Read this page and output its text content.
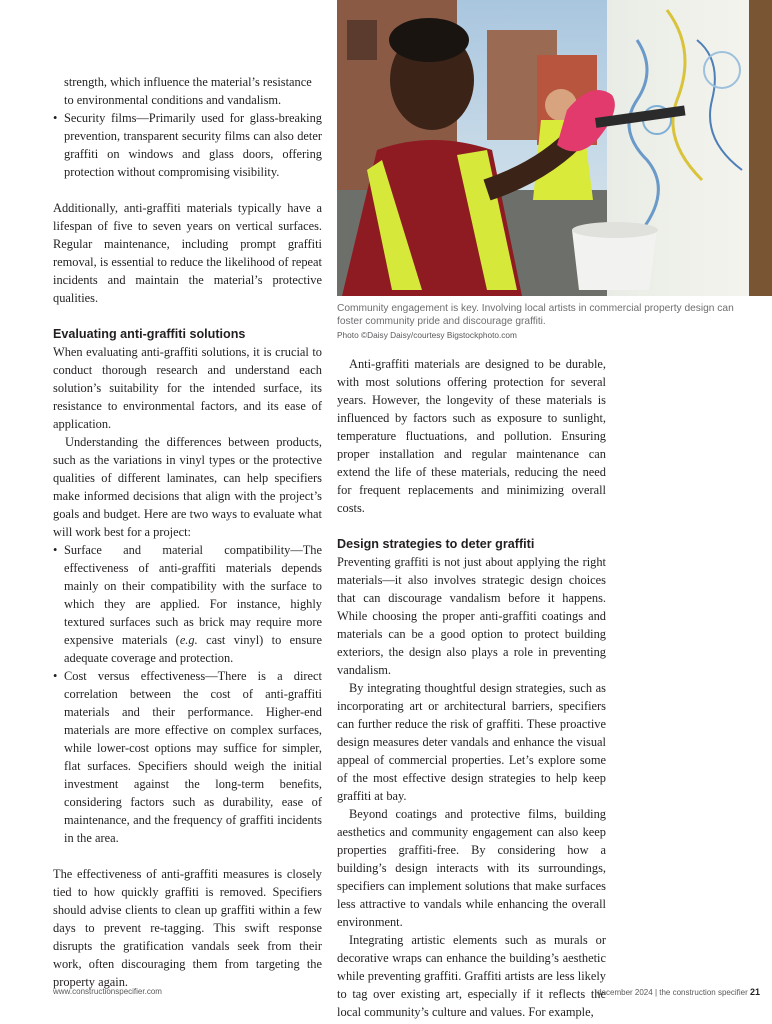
Community engagement is key. Involving local artists in commercial property design can foster community pride and discourage graffiti.
Photo ©Daisy Daisy/courtesy Bigstockphoto.com

strength, which influence the material’s resistance

to environmental conditions and vandalism.

• Security films—Primarily used for glass-breaking prevention, transparent security films can also deter graffiti on windows and glass doors, offering protection without compromising visibility.

Additionally, anti-graffiti materials typically have a lifespan of five to seven years on vertical surfaces. Regular maintenance, including prompt graffiti removal, is essential to reduce the likelihood of repeat incidents and maintain the material’s protective qualities.

Evaluating anti-graffiti solutions

When evaluating anti-graffiti solutions, it is crucial to conduct thorough research and understand each solution’s suitability for the intended surface, its resistance to environmental factors, and its ease of application.

Understanding the differences between products, such as the variations in vinyl types or the protective qualities of different laminates, can help specifiers make informed decisions that align with the project’s goals and budget. Here are two ways to evaluate what will work best for a project:

• Surface and material compatibility—The effectiveness of anti-graffiti materials depends mainly on their compatibility with the surface to which they are applied. For instance, highly textured surfaces such as brick may require more expensive materials (e.g. cast vinyl) to ensure adequate coverage and protection.
• Cost versus effectiveness—There is a direct correlation between the cost of anti-graffiti materials and their performance. Higher-end materials are more effective on complex surfaces, while lower-cost options may suffice for simpler, flat surfaces. Specifiers should weigh the initial investment against the long-term benefits, considering factors such as durability, ease of maintenance, and the frequency of graffiti incidents in the area.

The effectiveness of anti-graffiti measures is closely tied to how quickly graffiti is removed. Specifiers should advise clients to clean up graffiti within a few days to prevent re-tagging. This swift response disrupts the gratification vandals seek from their work, often discouraging them from targeting the property again.

Anti-graffiti materials are designed to be durable, with most solutions offering protection for several years. However, the longevity of these materials is influenced by factors such as exposure to sunlight, temperature fluctuations, and pollution. Ensuring proper installation and regular maintenance can extend the life of these materials, reducing the need for frequent replacements and minimizing overall costs.

Design strategies to deter graffiti

Preventing graffiti is not just about applying the right materials—it also involves strategic design choices that can discourage vandalism before it happens. While choosing the proper anti-graffiti coatings and materials can be a good option to protect building exteriors, the design also plays a role in preventing vandalism.

By integrating thoughtful design strategies, such as incorporating art or architectural barriers, specifiers can further reduce the risk of graffiti. These proactive design measures deter vandals and enhance the visual appeal of commercial properties. Let’s explore some of the most effective design strategies to help keep graffiti at bay.

Beyond coatings and protective films, building aesthetics and community engagement can also keep properties graffiti-free. By considering how a building’s design interacts with its surroundings, specifiers can implement solutions that make surfaces less attractive to vandals while enhancing the overall environment.

Integrating artistic elements such as murals or decorative wraps can enhance the building’s aesthetic while preventing graffiti. Graffiti artists are less likely to tag over existing art, especially if it reflects the local community’s culture and values. For example,

www.constructionspecifier.com	december 2024 | the construction specifier 21
